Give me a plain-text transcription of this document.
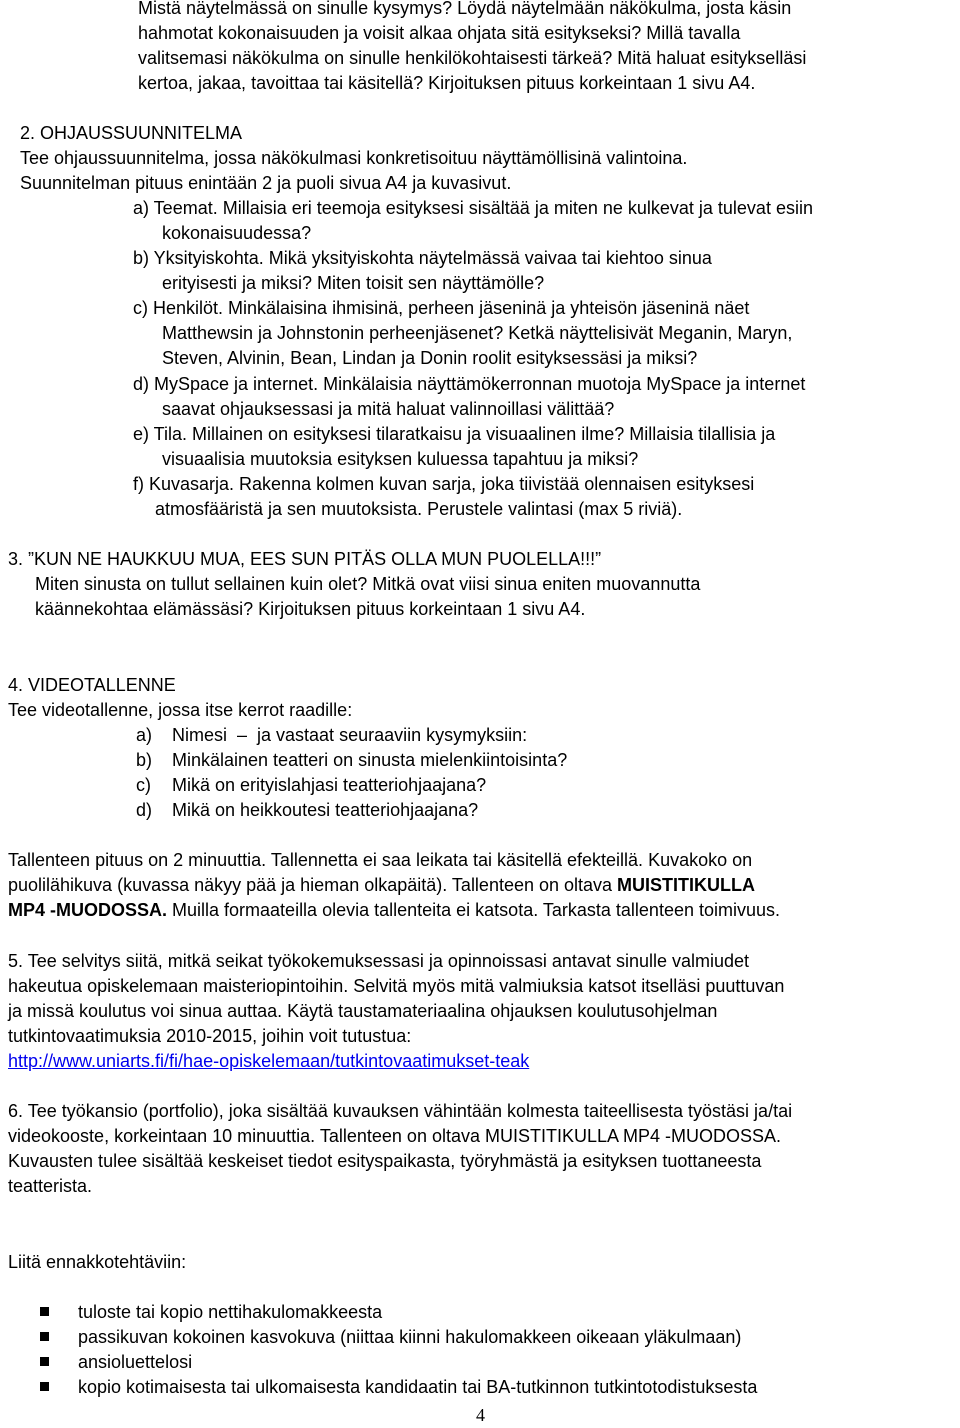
Mistä näytelmässä on sinulle kysymys? Löydä näytelmään näkökulma, josta käsin
hahmotat kokonaisuuden ja voisit alkaa ohjata sitä esitykseksi? Millä tavalla
valitsemasi näkökulma on sinulle henkilökohtaisesti tärkeä? Mitä haluat esitykselläsi
kertoa, jakaa, tavoittaa tai käsitellä? Kirjoituksen pituus korkeintaan 1 sivu A4.
2. OHJAUSSUUNNITELMA
Tee ohjaussuunnitelma, jossa näkökulmasi konkretisoituu näyttämöllisinä valintoina.
Suunnitelman pituus enintään 2 ja puoli sivua A4 ja kuvasivut.
a) Teemat. Millaisia eri teemoja esityksesi sisältää ja miten ne kulkevat ja tulevat esiin
kokonaisuudessa?
b) Yksityiskohta. Mikä yksityiskohta näytelmässä vaivaa tai kiehtoo sinua
erityisesti ja miksi? Miten toisit sen näyttämölle?
c) Henkilöt. Minkälaisina ihmisinä, perheen jäseninä ja yhteisön jäseninä näet
Matthewsin ja Johnstonin perheenjäsenet? Ketkä näyttelisivät Meganin, Maryn,
Steven, Alvinin, Bean, Lindan ja Donin roolit esityksessäsi ja miksi?
d) MySpace ja internet. Minkälaisia näyttämökerronnan muotoja MySpace ja internet
saavat ohjauksessasi ja mitä haluat valinnoillasi välittää?
e) Tila. Millainen on esityksesi tilaratkaisu ja visuaalinen ilme? Millaisia tilallisia ja
visuaalisia muutoksia esityksen kuluessa tapahtuu ja miksi?
f) Kuvasarja. Rakenna kolmen kuvan sarja, joka tiivistää olennaisen esityksesi
atmosfääristä ja sen muutoksista. Perustele valintasi (max 5 riviä).
3. ”KUN NE HAUKKUU MUA, EES SUN PITÄS OLLA MUN PUOLELLA!!!”
Miten sinusta on tullut sellainen kuin olet? Mitkä ovat viisi sinua eniten muovannutta
käännekohtaa elämässäsi? Kirjoituksen pituus korkeintaan 1 sivu A4.
4. VIDEOTALLENNE
Tee videotallenne, jossa itse kerrot raadille:
a) Nimesi  –  ja vastaat seuraaviin kysymyksiin:
b) Minkälainen teatteri on sinusta mielenkiintoisinta?
c) Mikä on erityislahjasi teatteriohjaajana?
d) Mikä on heikkoutesi teatteriohjaajana?
Tallenteen pituus on 2 minuuttia. Tallennetta ei saa leikata tai käsitellä efekteillä. Kuvakoko on
puolilähikuva (kuvassa näkyy pää ja hieman olkapäitä). Tallenteen on oltava MUISTITIKULLA
MP4 -MUODOSSA. Muilla formaateilla olevia tallenteita ei katsota. Tarkasta tallenteen toimivuus.
5. Tee selvitys siitä, mitkä seikat työkokemuksessasi ja opinnoissasi antavat sinulle valmiudet
hakeutua opiskelemaan maisteriopintoihin. Selvitä myös mitä valmiuksia katsot itselläsi puuttuvan
ja missä koulutus voi sinua auttaa. Käytä taustamateriaalina ohjauksen koulutusohjelman
tutkintovaatimuksia 2010-2015, joihin voit tutustua:
http://www.uniarts.fi/fi/hae-opiskelemaan/tutkintovaatimukset-teak
6. Tee työkansio (portfolio), joka sisältää kuvauksen vähintään kolmesta taiteellisesta työstäsi ja/tai
videokooste, korkeintaan 10 minuuttia. Tallenteen on oltava MUISTITIKULLA MP4 -MUODOSSA.
Kuvausten tulee sisältää keskeiset tiedot esityspaikasta, työryhmästä ja esityksen tuottaneesta
teatterista.
Liitä ennakkotehtäviin:
tuloste tai kopio nettihakulomakkeesta
passikuvan kokoinen kasvokuva (niittaa kiinni hakulomakkeen oikeaan yläkulmaan)
ansioluettelosi
kopio kotimaisesta tai ulkomaisesta kandidaatin tai BA-tutkinnon tutkintotodistuksesta
4
